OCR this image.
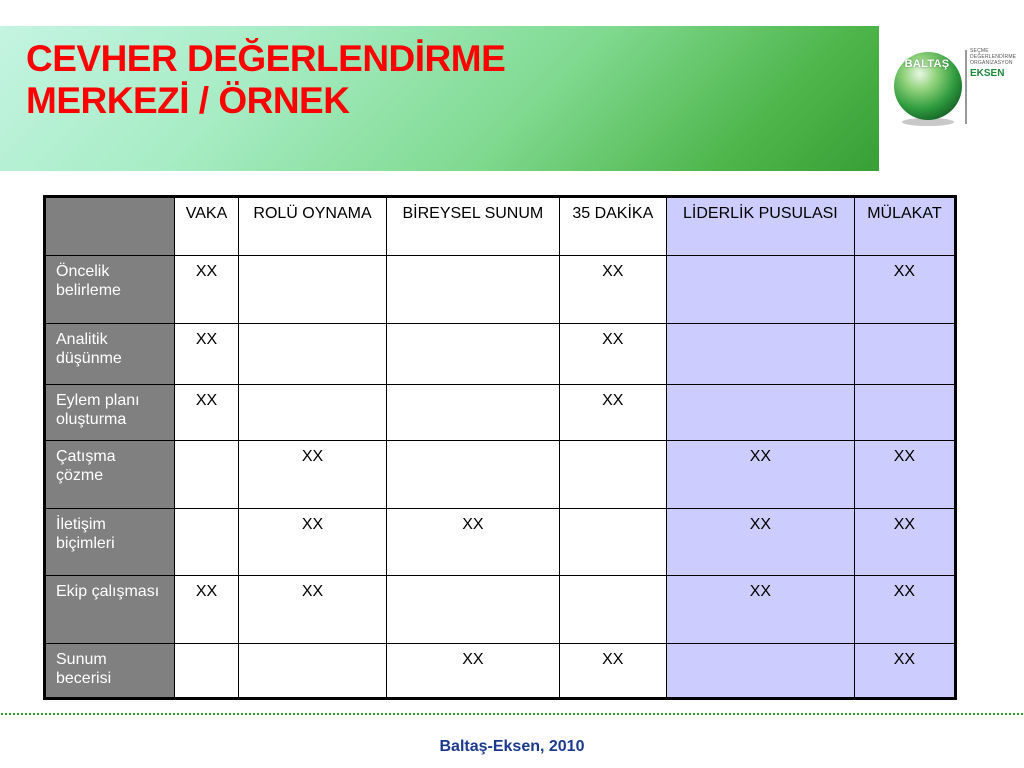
CEVHER DEĞERLENDİRME
MERKEZİ / ÖRNEK
BALTAŞ
SEÇME
DEĞERLENDİRME
ORGANİZASYON
EKSEN
	VAKA	ROLÜ OYNAMA	BİREYSEL SUNUM	35 DAKİKA	LİDERLİK PUSULASI	MÜLAKAT
Öncelik belirleme	XX			XX		XX
Analitik düşünme	XX			XX		
Eylem planı oluşturma	XX			XX		
Çatışma çözme		XX			XX	XX
İletişim biçimleri		XX	XX		XX	XX
Ekip çalışması	XX	XX			XX	XX
Sunum becerisi			XX	XX		XX
Baltaş-Eksen, 2010
